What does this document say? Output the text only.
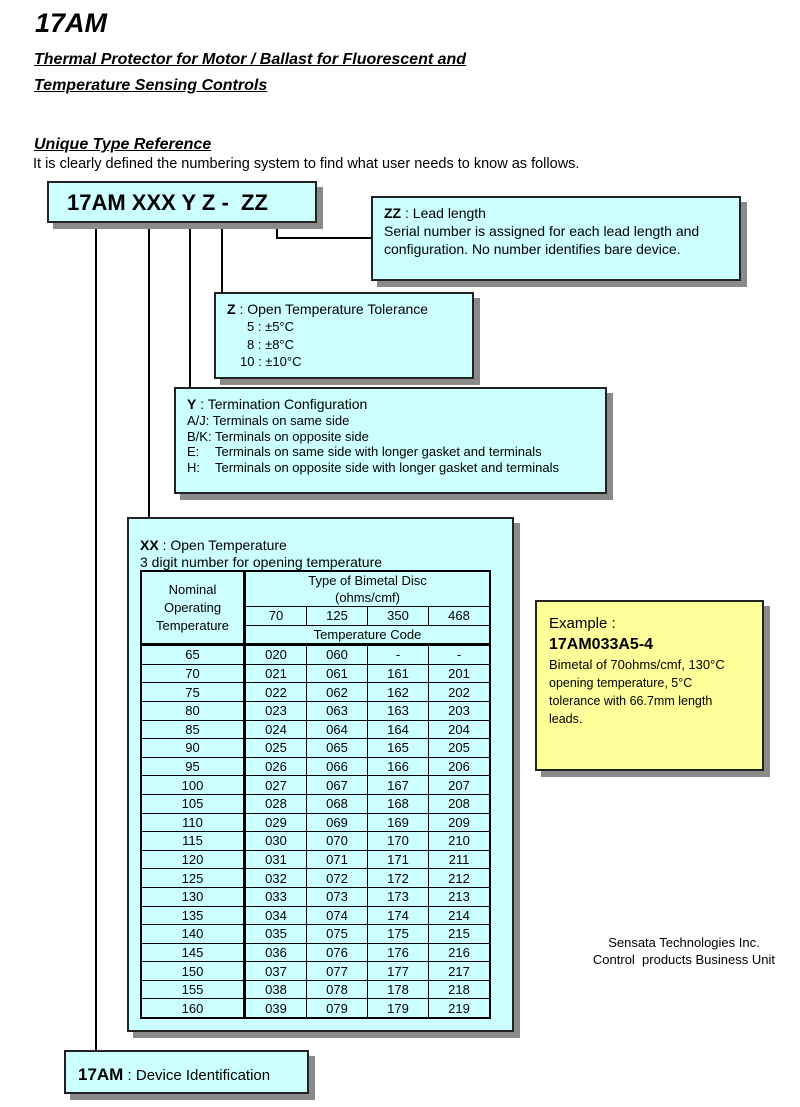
17AM
Thermal Protector for Motor / Ballast for Fluorescent and
Temperature Sensing Controls
Unique Type Reference
It is clearly defined the numbering system to find what user needs to know as follows.
17AM XXX Y Z -  ZZ	ZZ : Lead length

Serial number is assigned for each lead length and

configuration. No number identifies bare device.

Z : Open Temperature Tolerance

5 : ±5°C

8 : ±8°C

10 : ±10°C

Y : Termination Configuration

A/J: Terminals on same side

B/K: Terminals on opposite side

E: Terminals on same side with longer gasket and terminals

H: Terminals on opposite side with longer gasket and terminals

XX : Open Temperature

3 digit number for opening temperature

Nominal Operating Temperature	Type of Bimetal Disc
(ohms/cmf)			
	70	125	350	468
	Temperature Code			
65	020	060	-	-
70	021	061	161	201
75	022	062	162	202
80	023	063	163	203
85	024	064	164	204
90	025	065	165	205
95	026	066	166	206
100	027	067	167	207
105	028	068	168	208
110	029	069	169	209
115	030	070	170	210
120	031	071	171	211
125	032	072	172	212
130	033	073	173	213
135	034	074	174	214
140	035	075	175	215
145	036	076	176	216
150	037	077	177	217
155	038	078	178	218
160	039	079	179	219

Example :

17AM033A5-4

Bimetal of 70ohms/cmf, 130°C

opening temperature, 5°C

tolerance with 66.7mm length

leads.

Sensata Technologies Inc.
Control  products Business Unit

17AM : Device Identification
